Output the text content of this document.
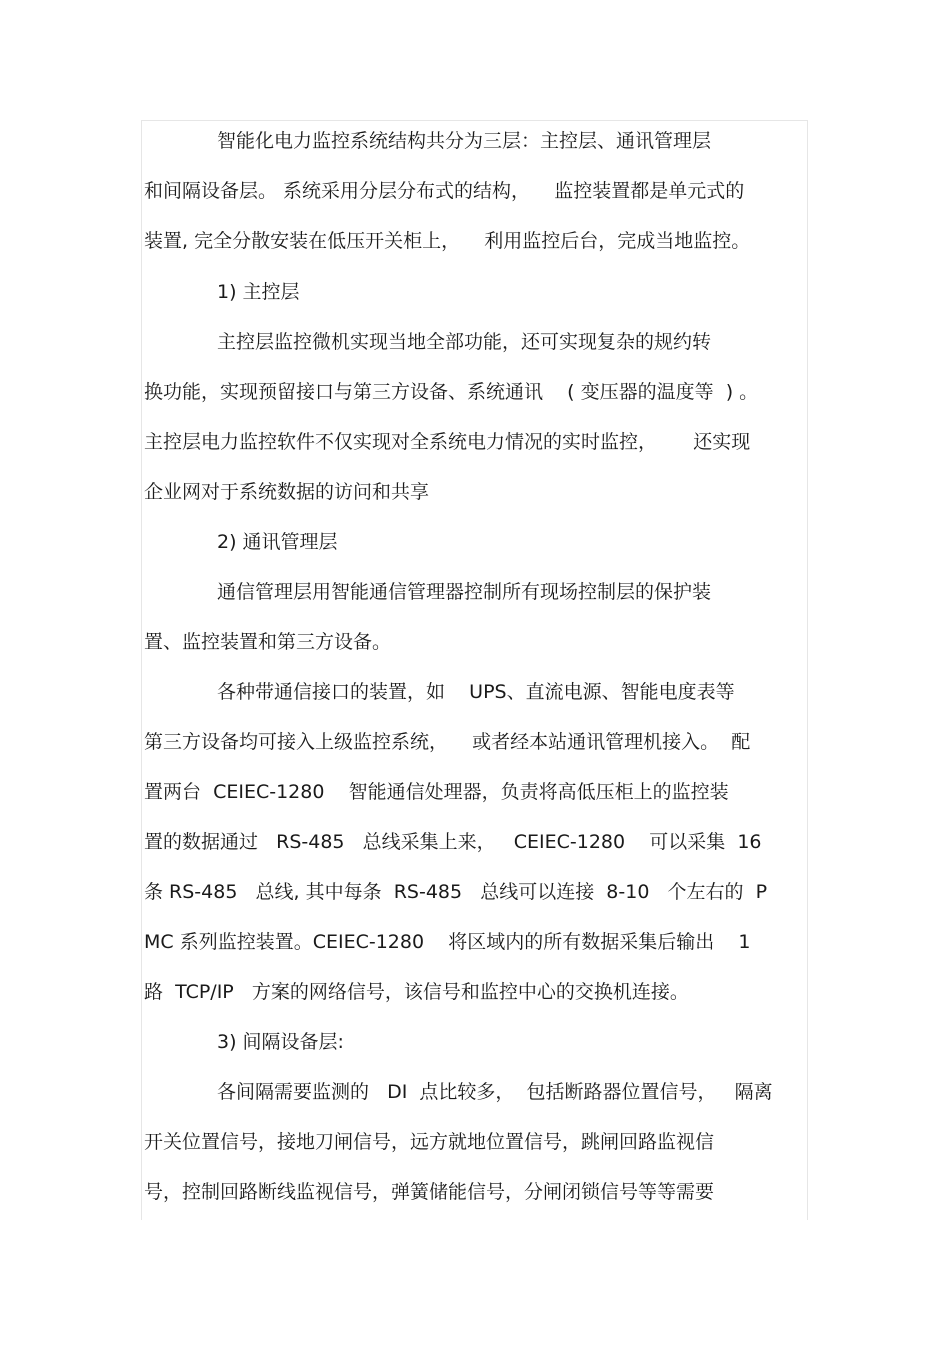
智能化电力监控系统结构共分为三层：主控层、通讯管理层
和间隔设备层。 系统采用分层分布式的结构，    监控装置都是单元式的
装置, 完全分散安装在低压开关柜上，    利用监控后台，完成当地监控。
1) 主控层
主控层监控微机实现当地全部功能，还可实现复杂的规约转
换功能，实现预留接口与第三方设备、系统通讯    ( 变压器的温度等  ) 。
主控层电力监控软件不仅实现对全系统电力情况的实时监控，      还实现
企业网对于系统数据的访问和共享
2) 通讯管理层
通信管理层用智能通信管理器控制所有现场控制层的保护装
置、监控装置和第三方设备。
各种带通信接口的装置，如    UPS、直流电源、智能电度表等
第三方设备均可接入上级监控系统，    或者经本站通讯管理机接入。  配
置两台  CEIEC-1280    智能通信处理器，负责将高低压柜上的监控装
置的数据通过   RS-485   总线采集上来，   CEIEC-1280    可以采集  16
条 RS-485   总线, 其中每条  RS-485   总线可以连接  8-10   个左右的  P
MC 系列监控装置。CEIEC-1280    将区域内的所有数据采集后输出    1
路  TCP/IP   方案的网络信号，该信号和监控中心的交换机连接。
3) 间隔设备层:
各间隔需要监测的   DI  点比较多，  包括断路器位置信号，   隔离
开关位置信号，接地刀闸信号，远方就地位置信号，跳闸回路监视信
号，控制回路断线监视信号，弹簧储能信号，分闸闭锁信号等等需要
